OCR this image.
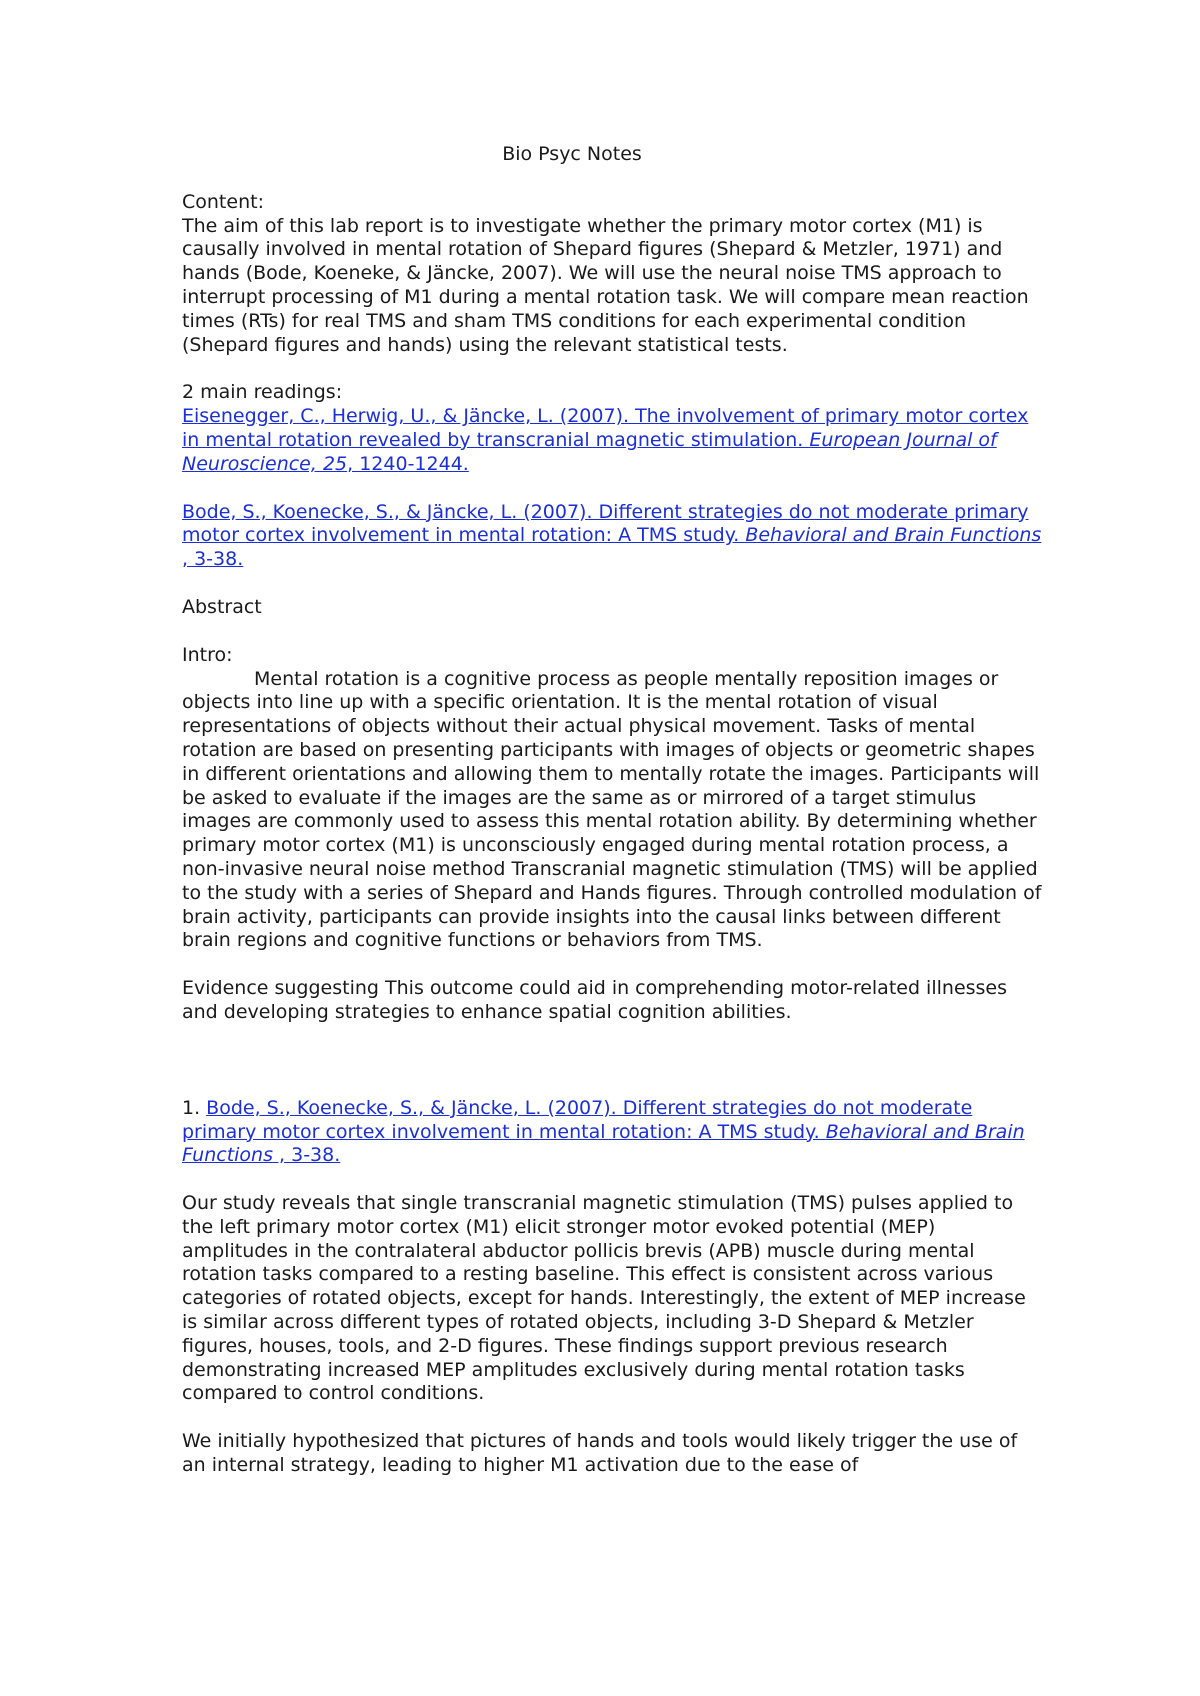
Bio Psyc Notes

Content:

The aim of this lab report is to investigate whether the primary motor cortex (M1) is causally involved in mental rotation of Shepard figures (Shepard & Metzler, 1971) and hands (Bode, Koeneke, & Jäncke, 2007). We will use the neural noise TMS approach to interrupt processing of M1 during a mental rotation task. We will compare mean reaction times (RTs) for real TMS and sham TMS conditions for each experimental condition (Shepard figures and hands) using the relevant statistical tests.

2 main readings:

Eisenegger, C., Herwig, U., & Jäncke, L. (2007). The involvement of primary motor cortex in mental rotation revealed by transcranial magnetic stimulation. European Journal of Neuroscience, 25, 1240-1244.

Bode, S., Koenecke, S., & Jäncke, L. (2007). Different strategies do not moderate primary motor cortex involvement in mental rotation: A TMS study. Behavioral and Brain Functions , 3-38.

Abstract

Intro:

Mental rotation is a cognitive process as people mentally reposition images or objects into line up with a specific orientation. It is the mental rotation of visual representations of objects without their actual physical movement. Tasks of mental rotation are based on presenting participants with images of objects or geometric shapes in different orientations and allowing them to mentally rotate the images. Participants will be asked to evaluate if the images are the same as or mirrored of a target stimulus images are commonly used to assess this mental rotation ability. By determining whether primary motor cortex (M1) is unconsciously engaged during mental rotation process, a non-invasive neural noise method Transcranial magnetic stimulation (TMS) will be applied to the study with a series of Shepard and Hands figures. Through controlled modulation of brain activity, participants can provide insights into the causal links between different brain regions and cognitive functions or behaviors from TMS.

Evidence suggesting This outcome could aid in comprehending motor-related illnesses and developing strategies to enhance spatial cognition abilities.

1. Bode, S., Koenecke, S., & Jäncke, L. (2007). Different strategies do not moderate primary motor cortex involvement in mental rotation: A TMS study. Behavioral and Brain Functions , 3-38.

Our study reveals that single transcranial magnetic stimulation (TMS) pulses applied to the left primary motor cortex (M1) elicit stronger motor evoked potential (MEP) amplitudes in the contralateral abductor pollicis brevis (APB) muscle during mental rotation tasks compared to a resting baseline. This effect is consistent across various categories of rotated objects, except for hands. Interestingly, the extent of MEP increase is similar across different types of rotated objects, including 3-D Shepard & Metzler figures, houses, tools, and 2-D figures. These findings support previous research demonstrating increased MEP amplitudes exclusively during mental rotation tasks compared to control conditions.

We initially hypothesized that pictures of hands and tools would likely trigger the use of an internal strategy, leading to higher M1 activation due to the ease of
